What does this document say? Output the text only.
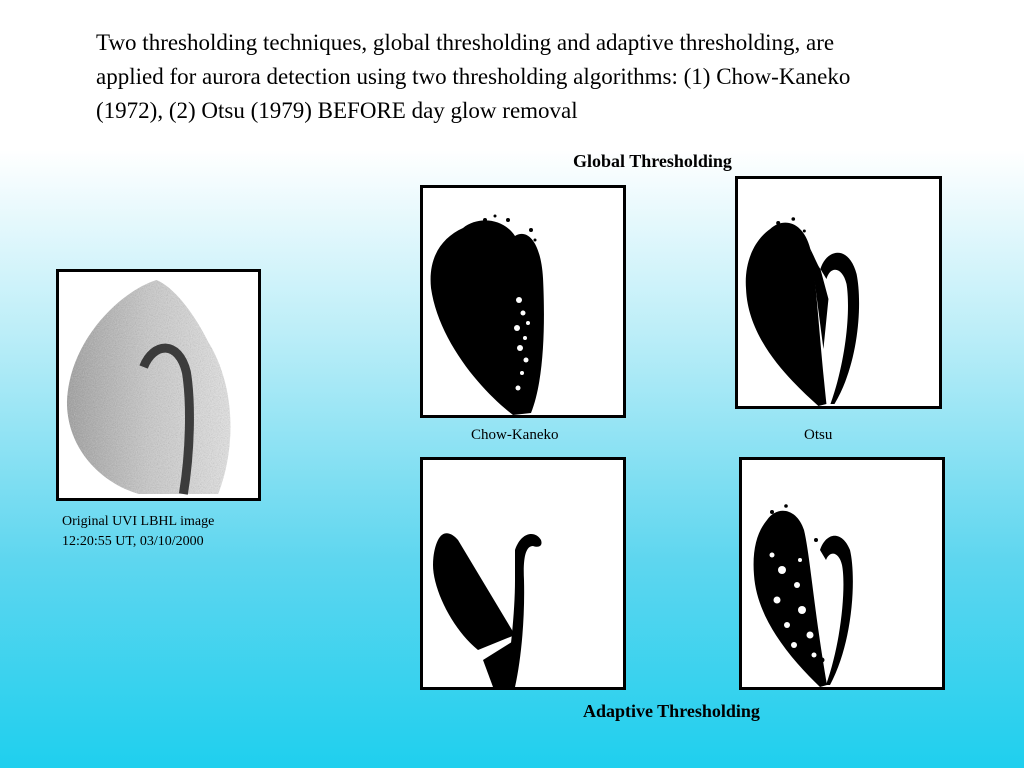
Two thresholding techniques, global thresholding and adaptive thresholding, are applied for aurora detection using two thresholding algorithms: (1) Chow-Kaneko (1972), (2) Otsu (1979) BEFORE day glow removal
Global Thresholding
Original UVI LBHL image
12:20:55 UT, 03/10/2000
Chow-Kaneko	Otsu
Adaptive Thresholding
